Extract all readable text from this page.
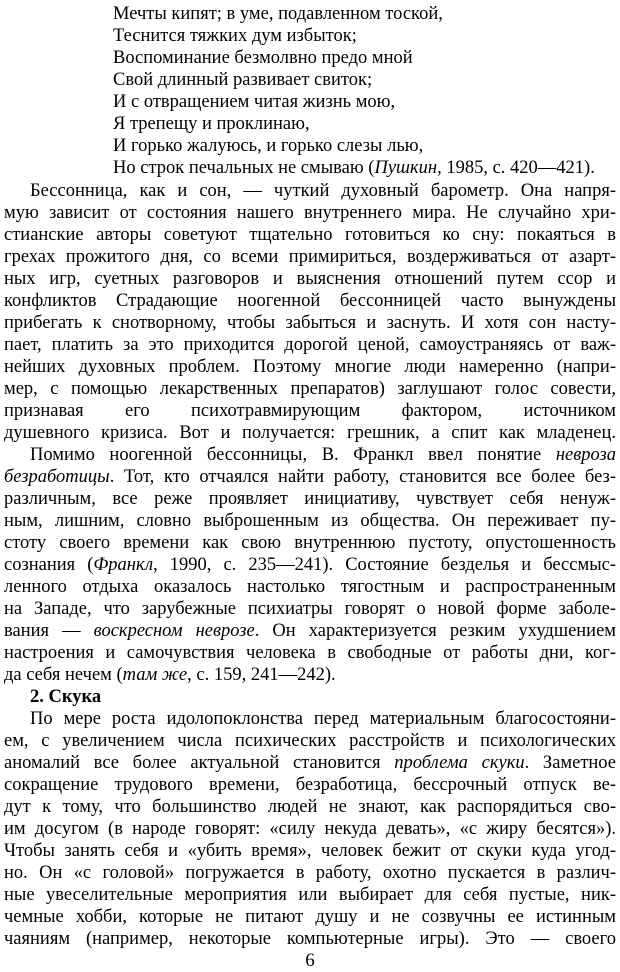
Мечты кипят; в уме, подавленном тоской,
Теснится тяжких дум избыток;
Воспоминание безмолвно предо мной
Свой длинный развивает свиток;
И с отвращением читая жизнь мою,
Я трепещу и проклинаю,
И горько жалуюсь, и горько слезы лью,
Но строк печальных не смываю (Пушкин, 1985, с. 420—421).
Бессонница, как и сон, — чуткий духовный барометр. Она напря-
мую зависит от состояния нашего внутреннего мира. Не случайно хри-
стианские авторы советуют тщательно готовиться ко сну: покаяться в
грехах прожитого дня, со всеми примириться, воздерживаться от азарт-
ных игр, суетных разговоров и выяснения отношений путем ссор и
конфликтов Страдающие ноогенной бессонницей часто вынуждены
прибегать к снотворному, чтобы забыться и заснуть. И хотя сон насту-
пает, платить за это приходится дорогой ценой, самоустраняясь от важ-
нейших духовных проблем. Поэтому многие люди намеренно (напри-
мер, с помощью лекарственных препаратов) заглушают голос совести,
признавая его психотравмирующим фактором, источником
душевного кризиса. Вот и получается: грешник, а спит как младенец.
Помимо ноогенной бессонницы, В. Франкл ввел понятие невроза
безработицы. Тот, кто отчаялся найти работу, становится все более без-
различным, все реже проявляет инициативу, чувствует себя ненуж-
ным, лишним, словно выброшенным из общества. Он переживает пу-
стоту своего времени как свою внутреннюю пустоту, опустошенность
сознания (Франкл, 1990, с. 235—241). Состояние безделья и бессмыс-
ленного отдыха оказалось настолько тягостным и распространенным
на Западе, что зарубежные психиатры говорят о новой форме заболе-
вания — воскресном неврозе. Он характеризуется резким ухудшением
настроения и самочувствия человека в свободные от работы дни, ког-
да себя нечем (там же, с. 159, 241—242).
2. Скука
По мере роста идолопоклонства перед материальным благосостояни-
ем, с увеличением числа психических расстройств и психологических
аномалий все более актуальной становится проблема скуки. Заметное
сокращение трудового времени, безработица, бессрочный отпуск ве-
дут к тому, что большинство людей не знают, как распорядиться сво-
им досугом (в народе говорят: «силу некуда девать», «с жиру бесятся»).
Чтобы занять себя и «убить время», человек бежит от скуки куда угод-
но. Он «с головой» погружается в работу, охотно пускается в различ-
ные увеселительные мероприятия или выбирает для себя пустые, ник-
чемные хобби, которые не питают душу и не созвучны ее истинным
чаяниям (например, некоторые компьютерные игры). Это — своего
6
